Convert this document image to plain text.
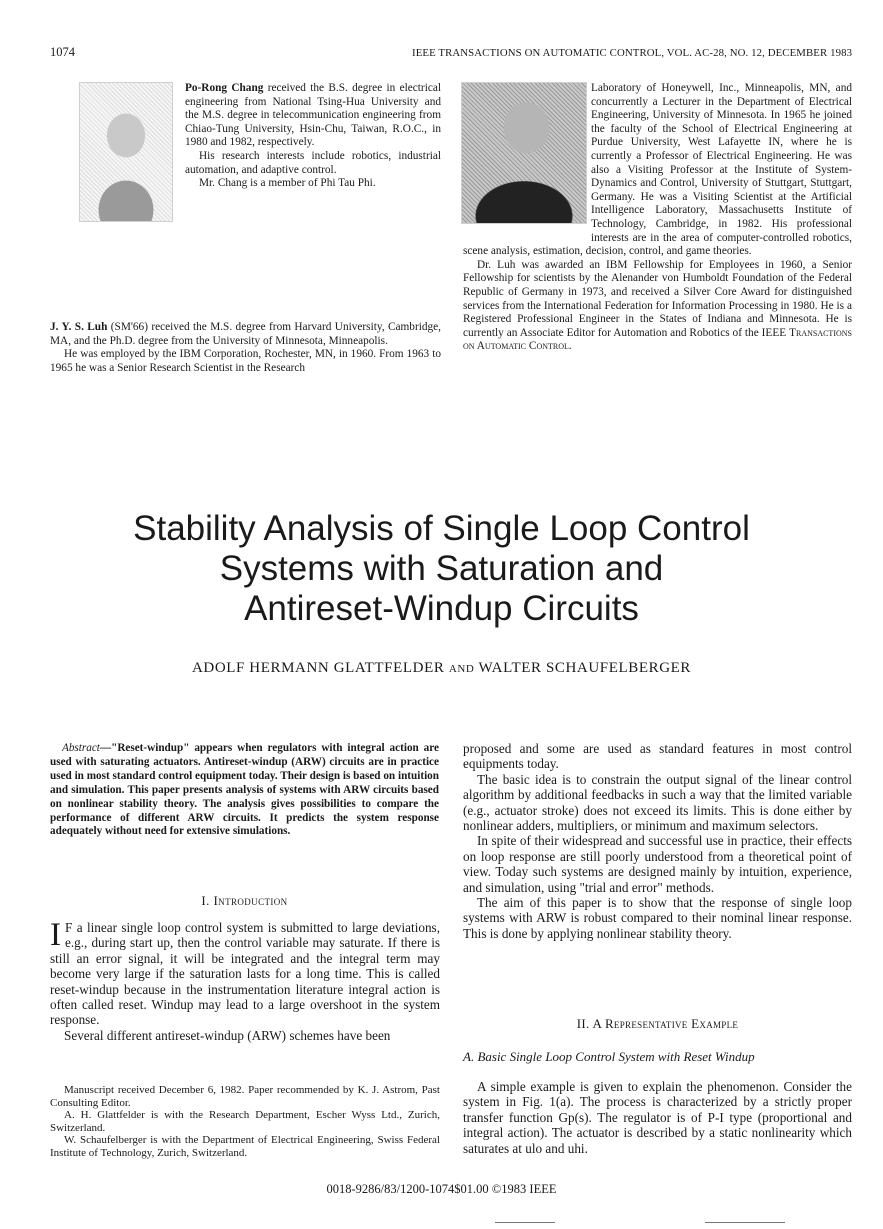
1074	IEEE TRANSACTIONS ON AUTOMATIC CONTROL, VOL. AC-28, NO. 12, DECEMBER 1983

Po-Rong Chang received the B.S. degree in electrical engineering from National Tsing-Hua University and the M.S. degree in telecommunication engineering from Chiao-Tung University, Hsin-Chu, Taiwan, R.O.C., in 1980 and 1982, respectively.

His research interests include robotics, industrial automation, and adaptive control.

Mr. Chang is a member of Phi Tau Phi.

J. Y. S. Luh (SM'66) received the M.S. degree from Harvard University, Cambridge, MA, and the Ph.D. degree from the University of Minnesota, Minneapolis.

He was employed by the IBM Corporation, Rochester, MN, in 1960. From 1963 to 1965 he was a Senior Research Scientist in the Research

Laboratory of Honeywell, Inc., Minneapolis, MN, and concurrently a Lecturer in the Department of Electrical Engineering, University of Minnesota. In 1965 he joined the faculty of the School of Electrical Engineering at Purdue University, West Lafayette IN, where he is currently a Professor of Electrical Engineering. He was also a Visiting Professor at the Institute of System-Dynamics and Control, University of Stuttgart, Stuttgart, Germany. He was a Visiting Scientist at the Artificial Intelligence Laboratory, Massachusetts Institute of Technology, Cambridge, in 1982. His professional interests are in the area of computer-controlled robotics, scene analysis, estimation, decision, control, and game theories.

Dr. Luh was awarded an IBM Fellowship for Employees in 1960, a Senior Fellowship for scientists by the Alenander von Humboldt Foundation of the Federal Republic of Germany in 1973, and received a Silver Core Award for distinguished services from the International Federation for Information Processing in 1980. He is a Registered Professional Engineer in the States of Indiana and Minnesota. He is currently an Associate Editor for Automation and Robotics of the IEEE Transactions on Automatic Control.

Stability Analysis of Single Loop Control
Systems with Saturation and
Antireset-Windup Circuits
ADOLF HERMANN GLATTFELDER AND WALTER SCHAUFELBERGER
Abstract—"Reset-windup" appears when regulators with integral action are used with saturating actuators. Antireset-windup (ARW) circuits are in practice used in most standard control equipment today. Their design is based on intuition and simulation. This paper presents analysis of systems with ARW circuits based on nonlinear stability theory. The analysis gives possibilities to compare the performance of different ARW circuits. It predicts the system response adequately without need for extensive simulations.
I. Introduction

I F a linear single loop control system is submitted to large deviations, e.g., during start up, then the control variable may saturate. If there is still an error signal, it will be integrated and the integral term may become very large if the saturation lasts for a long time. This is called reset-windup because in the instrumentation literature integral action is often called reset. Windup may lead to a large overshoot in the system response.

Several different antireset-windup (ARW) schemes have been

Manuscript received December 6, 1982. Paper recommended by K. J. Astrom, Past Consulting Editor.

A. H. Glattfelder is with the Research Department, Escher Wyss Ltd., Zurich, Switzerland.

W. Schaufelberger is with the Department of Electrical Engineering, Swiss Federal Institute of Technology, Zurich, Switzerland.

proposed and some are used as standard features in most control equipments today.

The basic idea is to constrain the output signal of the linear control algorithm by additional feedbacks in such a way that the limited variable (e.g., actuator stroke) does not exceed its limits. This is done either by nonlinear adders, multipliers, or minimum and maximum selectors.

In spite of their widespread and successful use in practice, their effects on loop response are still poorly understood from a theoretical point of view. Today such systems are designed mainly by intuition, experience, and simulation, using "trial and error" methods.

The aim of this paper is to show that the response of single loop systems with ARW is robust compared to their nominal linear response. This is done by applying nonlinear stability theory.

II. A Representative Example
A. Basic Single Loop Control System with Reset Windup

A simple example is given to explain the phenomenon. Consider the system in Fig. 1(a). The process is characterized by a strictly proper transfer function Gp(s). The regulator is of P-I type (proportional and integral action). The actuator is described by a static nonlinearity which saturates at ulo and uhi.

0018-9286/83/1200-1074$01.00 ©1983 IEEE
